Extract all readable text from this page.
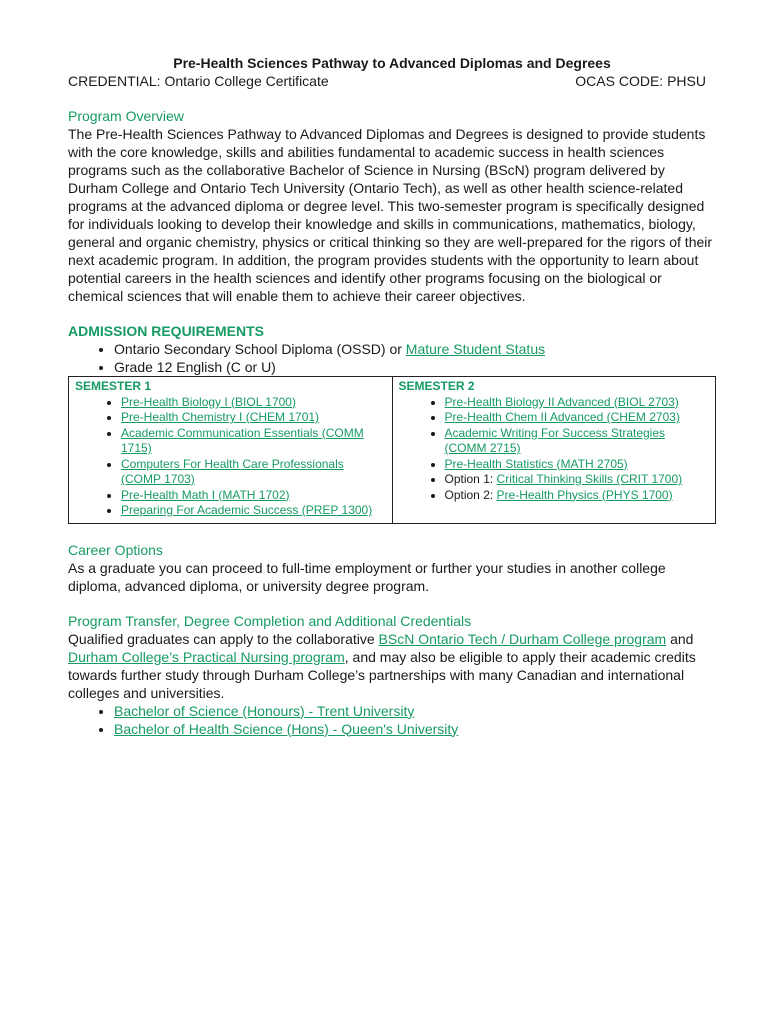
Pre-Health Sciences Pathway to Advanced Diplomas and Degrees
CREDENTIAL: Ontario College Certificate	OCAS CODE: PHSU
Program Overview

The Pre-Health Sciences Pathway to Advanced Diplomas and Degrees is designed to provide students with the core knowledge, skills and abilities fundamental to academic success in health sciences programs such as the collaborative Bachelor of Science in Nursing (BScN) program delivered by Durham College and Ontario Tech University (Ontario Tech), as well as other health science-related programs at the advanced diploma or degree level. This two-semester program is specifically designed for individuals looking to develop their knowledge and skills in communications, mathematics, biology, general and organic chemistry, physics or critical thinking so they are well-prepared for the rigors of their next academic program. In addition, the program provides students with the opportunity to learn about potential careers in the health sciences and identify other programs focusing on the biological or chemical sciences that will enable them to achieve their career objectives.

ADMISSION REQUIREMENTS
• Ontario Secondary School Diploma (OSSD) or Mature Student Status
• Grade 12 English (C or U)
SEMESTER 1
• Pre-Health Biology I (BIOL 1700)
• Pre-Health Chemistry I (CHEM 1701)
• Academic Communication Essentials (COMM 1715)
• Computers For Health Care Professionals (COMP 1703)
• Pre-Health Math I (MATH 1702)
• Preparing For Academic Success (PREP 1300)

SEMESTER 2
• Pre-Health Biology II Advanced (BIOL 2703)
• Pre-Health Chem II Advanced (CHEM 2703)
• Academic Writing For Success Strategies (COMM 2715)
• Pre-Health Statistics (MATH 2705)
• Option 1: Critical Thinking Skills (CRIT 1700)
• Option 2: Pre-Health Physics (PHYS 1700)
Career Options

As a graduate you can proceed to full-time employment or further your studies in another college diploma, advanced diploma, or university degree program.

Program Transfer, Degree Completion and Additional Credentials

Qualified graduates can apply to the collaborative BScN Ontario Tech / Durham College program and Durham College’s Practical Nursing program, and may also be eligible to apply their academic credits towards further study through Durham College’s partnerships with many Canadian and international colleges and universities.

• Bachelor of Science (Honours) - Trent University
• Bachelor of Health Science (Hons) - Queen's University
